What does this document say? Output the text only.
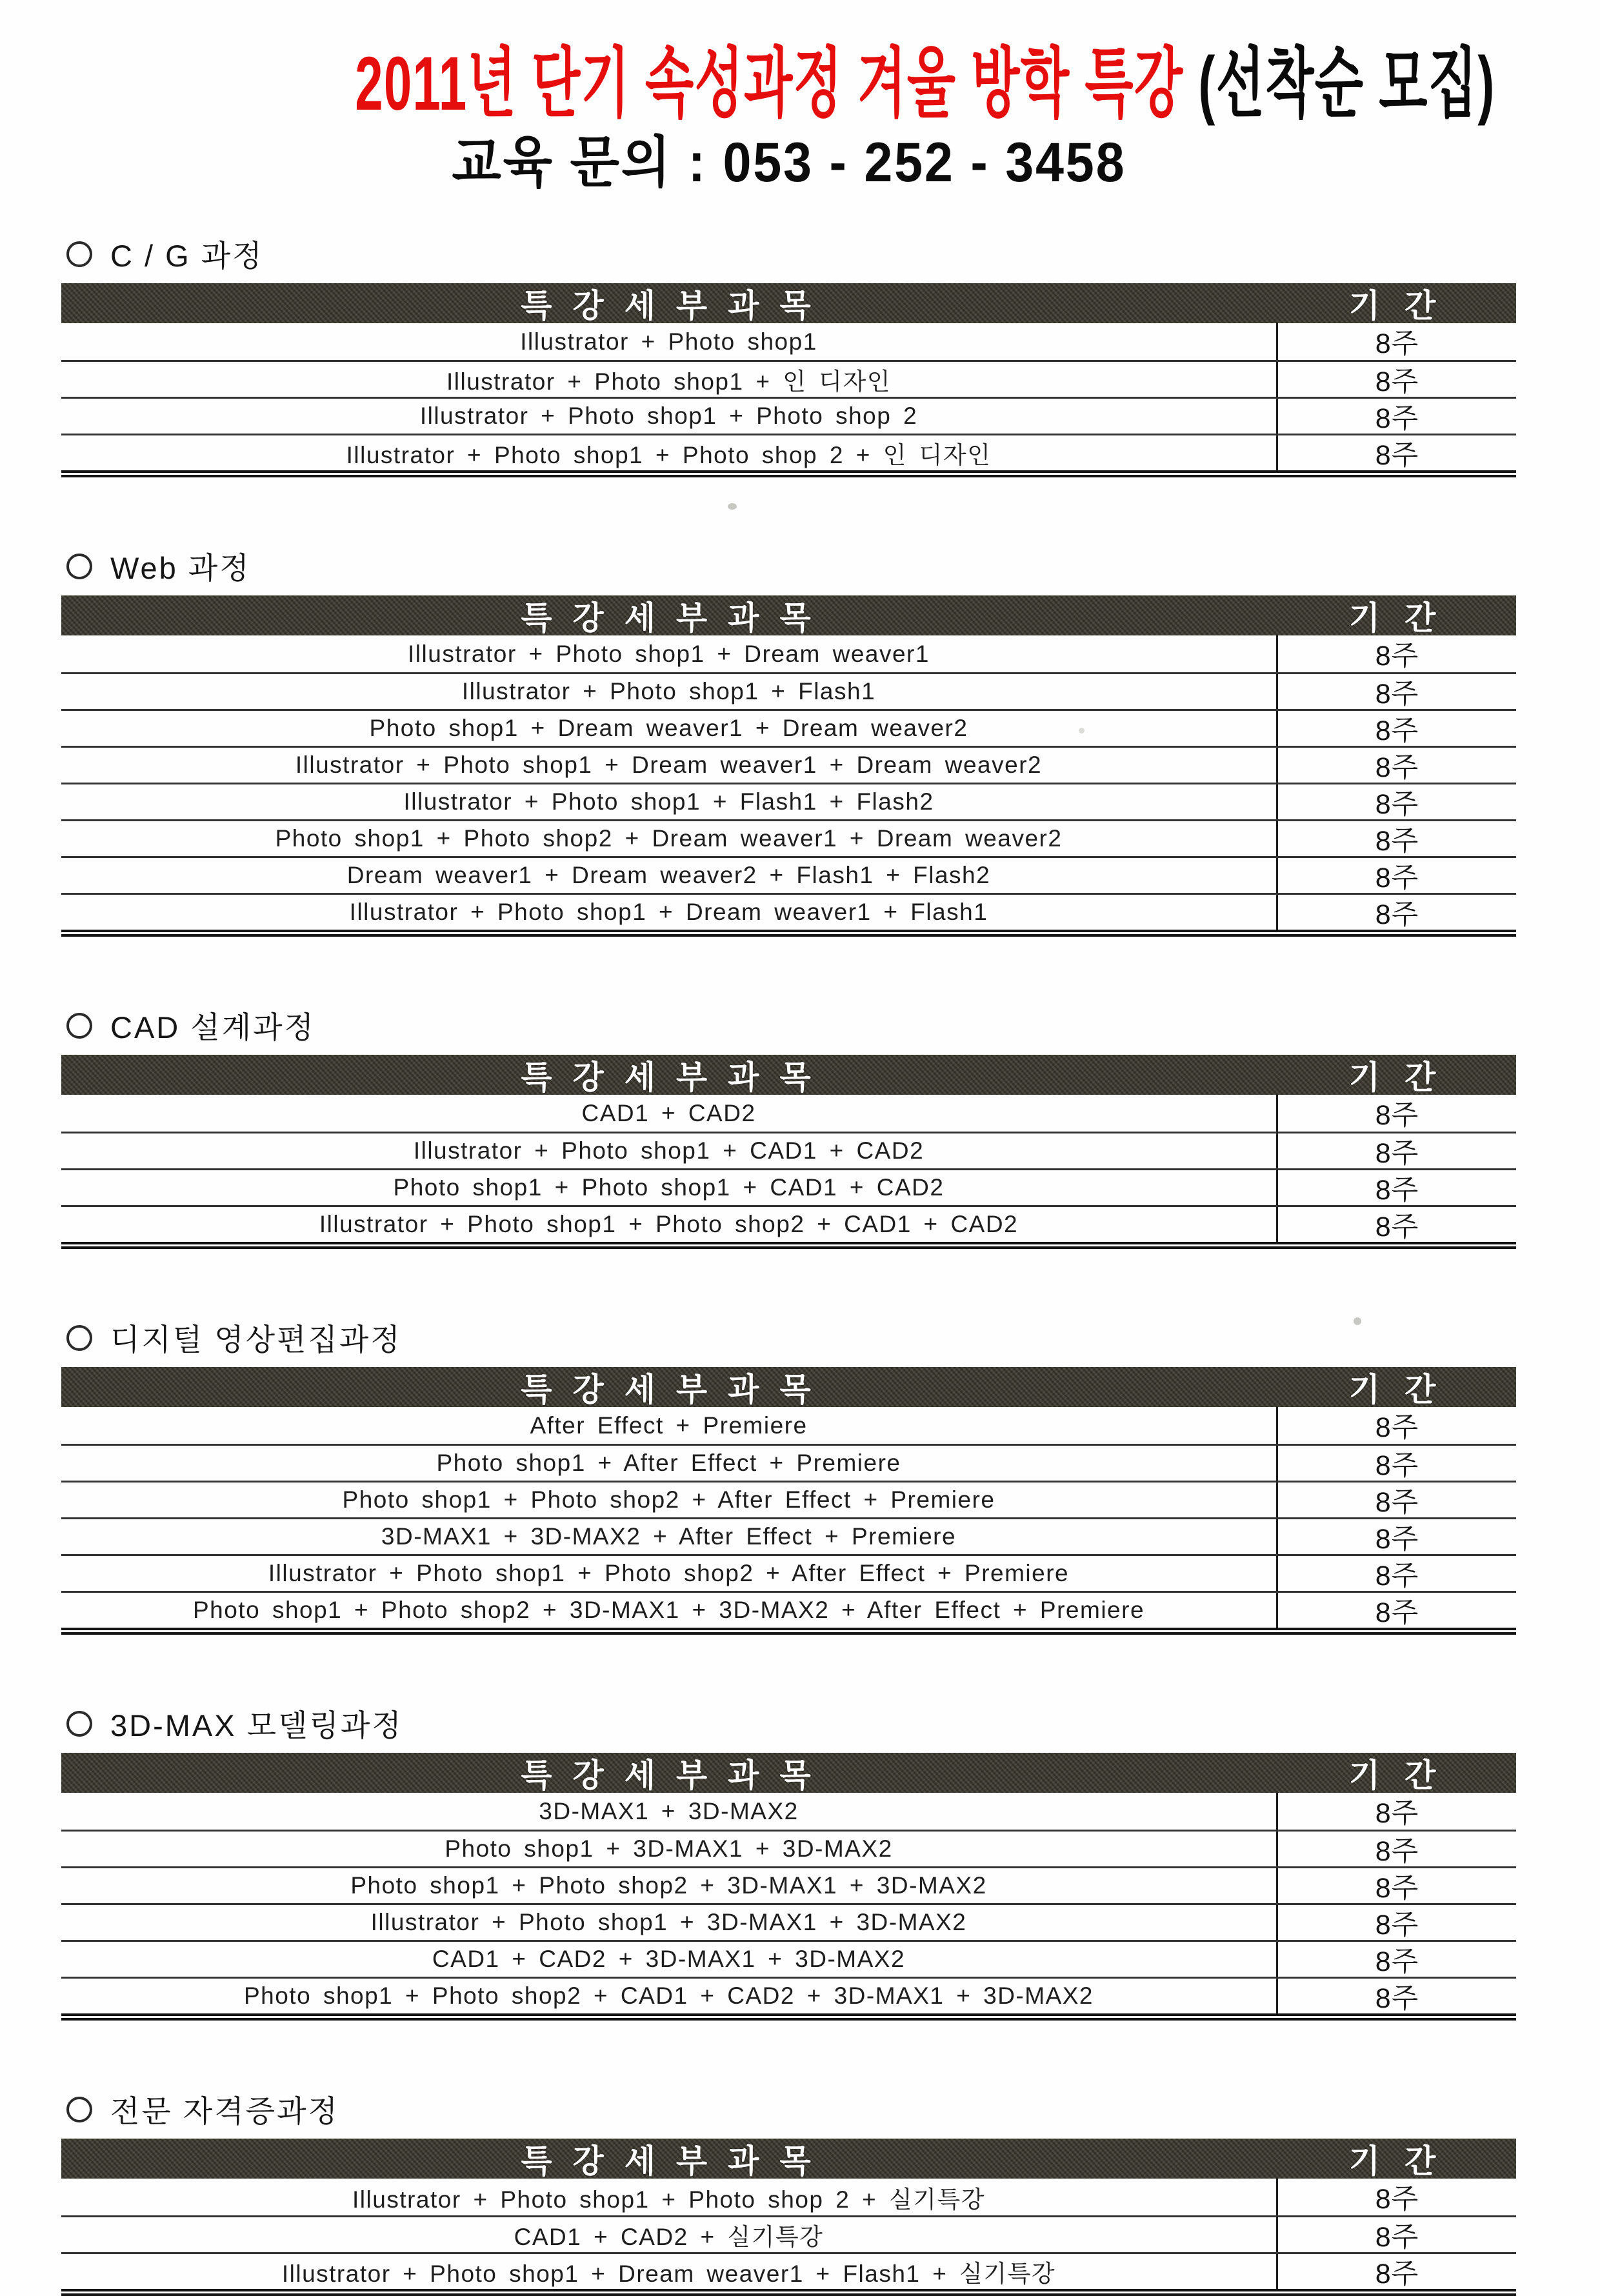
2011년 단기 속성과정 겨울 방학 특강 (선착순 모집)
교육 문의 : 053 - 252 - 3458
C / G 과정
특 강 세 부 과 목	기 간
Illustrator + Photo shop1	8주
Illustrator + Photo shop1 + 인 디자인	8주
Illustrator + Photo shop1 + Photo shop 2	8주
Illustrator + Photo shop1 + Photo shop 2 + 인 디자인	8주
Web 과정
특 강 세 부 과 목	기 간
Illustrator + Photo shop1 + Dream weaver1	8주
Illustrator + Photo shop1 + Flash1	8주
Photo shop1 + Dream weaver1 + Dream weaver2	8주
Illustrator + Photo shop1 + Dream weaver1 + Dream weaver2	8주
Illustrator + Photo shop1 + Flash1 + Flash2	8주
Photo shop1 + Photo shop2 + Dream weaver1 + Dream weaver2	8주
Dream weaver1 + Dream weaver2 + Flash1 + Flash2	8주
Illustrator + Photo shop1 + Dream weaver1 + Flash1	8주
CAD 설계과정
특 강 세 부 과 목	기 간
CAD1 + CAD2	8주
Illustrator + Photo shop1 + CAD1 + CAD2	8주
Photo shop1 + Photo shop1 + CAD1 + CAD2	8주
Illustrator + Photo shop1 + Photo shop2 + CAD1 + CAD2	8주
디지털 영상편집과정
특 강 세 부 과 목	기 간
After Effect + Premiere	8주
Photo shop1 + After Effect + Premiere	8주
Photo shop1 + Photo shop2 + After Effect + Premiere	8주
3D-MAX1 + 3D-MAX2 + After Effect + Premiere	8주
Illustrator + Photo shop1 + Photo shop2 + After Effect + Premiere	8주
Photo shop1 + Photo shop2 + 3D-MAX1 + 3D-MAX2 + After Effect + Premiere	8주
3D-MAX 모델링과정
특 강 세 부 과 목	기 간
3D-MAX1 + 3D-MAX2	8주
Photo shop1 + 3D-MAX1 + 3D-MAX2	8주
Photo shop1 + Photo shop2 + 3D-MAX1 + 3D-MAX2	8주
Illustrator + Photo shop1 + 3D-MAX1 + 3D-MAX2	8주
CAD1 + CAD2 + 3D-MAX1 + 3D-MAX2	8주
Photo shop1 + Photo shop2 + CAD1 + CAD2 + 3D-MAX1 + 3D-MAX2	8주
전문 자격증과정
특 강 세 부 과 목	기 간
Illustrator + Photo shop1 + Photo shop 2 + 실기특강	8주
CAD1 + CAD2 + 실기특강	8주
Illustrator + Photo shop1 + Dream weaver1 + Flash1 + 실기특강	8주
